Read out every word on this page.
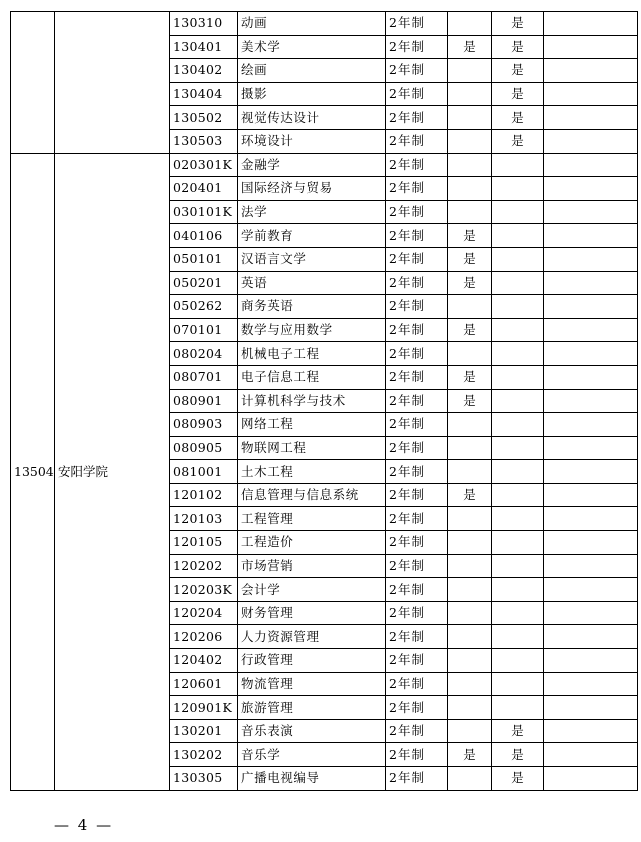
		130310	动画	2年制		是	
		130401	美术学	2年制	是	是	
		130402	绘画	2年制		是	
		130404	摄影	2年制		是	
		130502	视觉传达设计	2年制		是	
		130503	环境设计	2年制		是	
13504	安阳学院	020301K	金融学	2年制			
		020401	国际经济与贸易	2年制			
		030101K	法学	2年制			
		040106	学前教育	2年制	是		
		050101	汉语言文学	2年制	是		
		050201	英语	2年制	是		
		050262	商务英语	2年制			
		070101	数学与应用数学	2年制	是		
		080204	机械电子工程	2年制			
		080701	电子信息工程	2年制	是		
		080901	计算机科学与技术	2年制	是		
		080903	网络工程	2年制			
		080905	物联网工程	2年制			
		081001	土木工程	2年制			
		120102	信息管理与信息系统	2年制	是		
		120103	工程管理	2年制			
		120105	工程造价	2年制			
		120202	市场营销	2年制			
		120203K	会计学	2年制			
		120204	财务管理	2年制			
		120206	人力资源管理	2年制			
		120402	行政管理	2年制			
		120601	物流管理	2年制			
		120901K	旅游管理	2年制			
		130201	音乐表演	2年制		是	
		130202	音乐学	2年制	是	是	
		130305	广播电视编导	2年制		是	
— 4 —
